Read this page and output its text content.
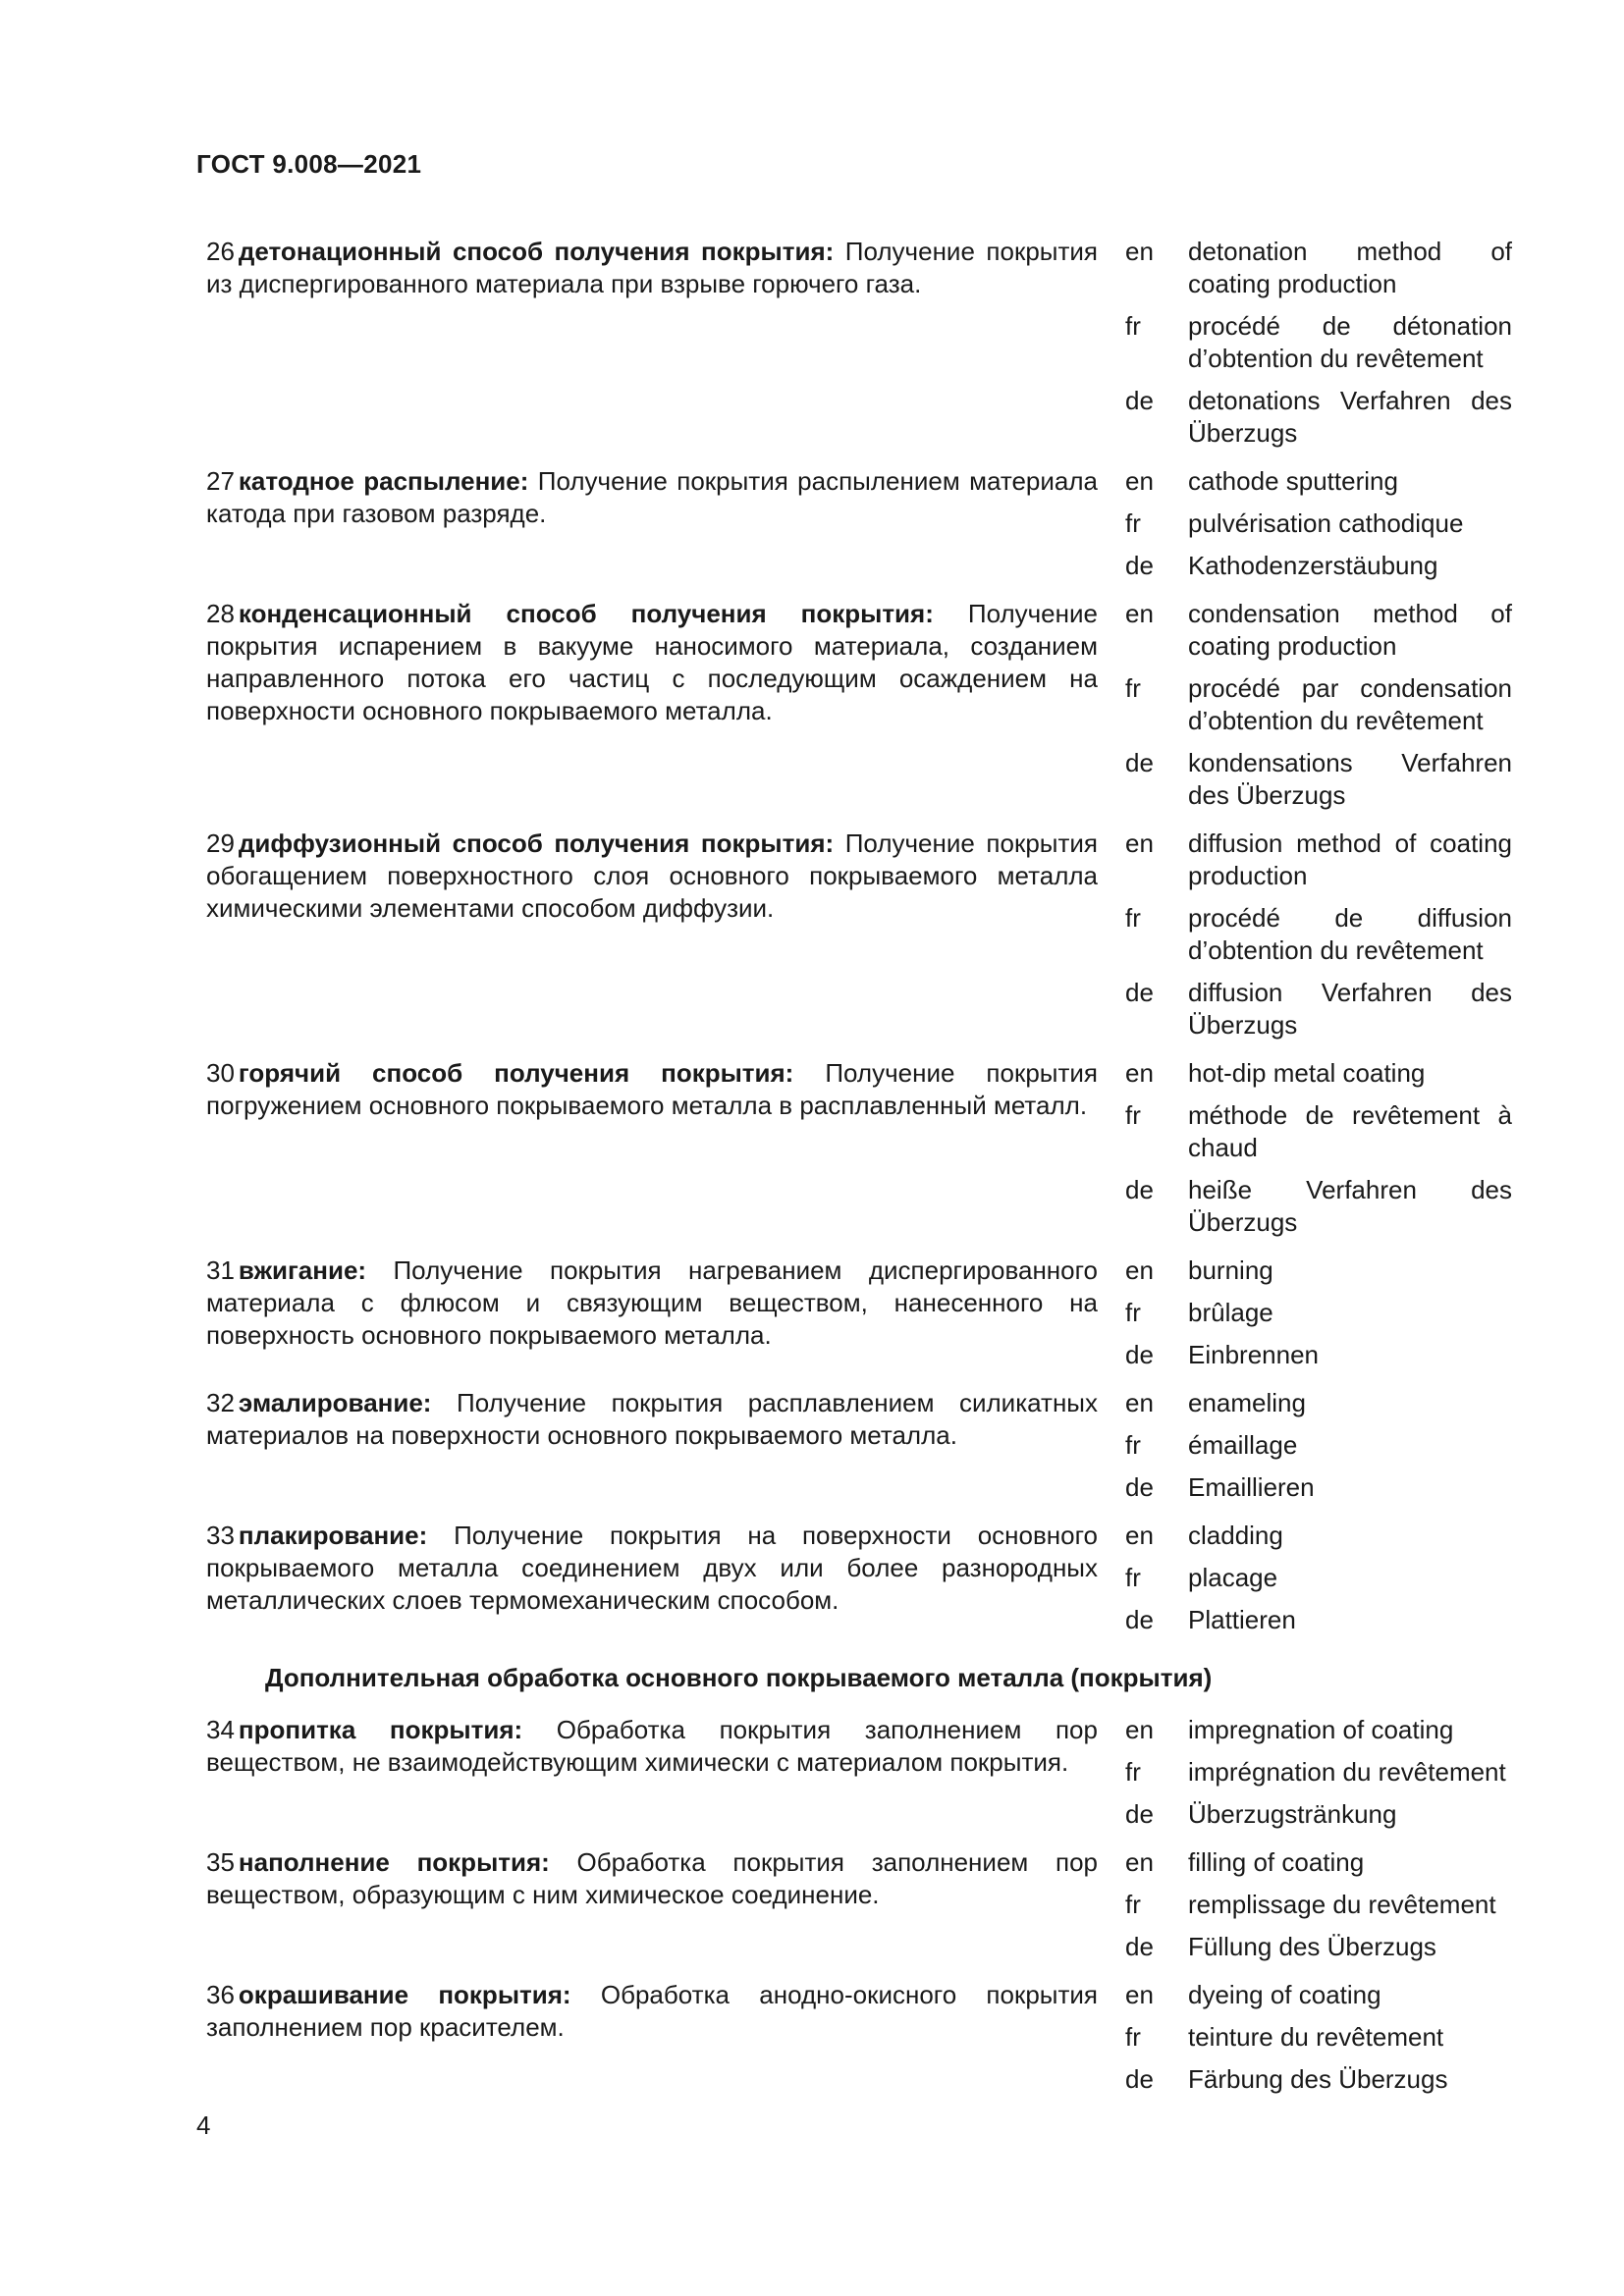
ГОСТ 9.008—2021
26 детонационный способ получения покрытия: Получение покрытия из диспергированного материала при взрыве горючего газа.
en	detonation method of coating production
fr	procédé de détonation d’obtention du revêtement
de	detonations Verfahren des Überzugs
27 катодное распыление: Получение покрытия распылением материала катода при газовом разряде.
en	cathode sputtering
fr	pulvérisation cathodique
de	Kathodenzerstäubung
28 конденсационный способ получения покрытия: Получение покрытия испарением в вакууме наносимого материала, созданием направленного потока его частиц с последующим осаждением на поверхности основного покрываемого металла.
en	condensation method of coating production
fr	procédé par condensation d’obtention du revêtement
de	kondensations Verfahren des Überzugs
29 диффузионный способ получения покрытия: Получение покрытия обогащением поверхностного слоя основного покрываемого металла химическими элементами способом диффузии.
en	diffusion method of coating production
fr	procédé de diffusion d’obtention du revêtement
de	diffusion Verfahren des Überzugs
30 горячий способ получения покрытия: Получение покрытия погружением основного покрываемого металла в расплавленный металл.
en	hot-dip metal coating
fr	méthode de revêtement à chaud
de	heiße Verfahren des Überzugs
31 вжигание: Получение покрытия нагреванием диспергированного материала с флюсом и связующим веществом, нанесенного на поверхность основного покрываемого металла.
en	burning
fr	brûlage
de	Einbrennen
32 эмалирование: Получение покрытия расплавлением силикатных материалов на поверхности основного покрываемого металла.
en	enameling
fr	émaillage
de	Emaillieren
33 плакирование: Получение покрытия на поверхности основного покрываемого металла соединением двух или более разнородных металлических слоев термомеханическим способом.
en	cladding
fr	placage
de	Plattieren
Дополнительная обработка основного покрываемого металла (покрытия)
34 пропитка покрытия: Обработка покрытия заполнением пор веществом, не взаимодействующим химически с материалом покрытия.
en	impregnation of coating
fr	imprégnation du revêtement
de	Überzugstränkung
35 наполнение покрытия: Обработка покрытия заполнением пор веществом, образующим с ним химическое соединение.
en	filling of coating
fr	remplissage du revêtement
de	Füllung des Überzugs
36 окрашивание покрытия: Обработка анодно-окисного покрытия заполнением пор красителем.
en	dyeing of coating
fr	teinture du revêtement
de	Färbung des Überzugs
4
